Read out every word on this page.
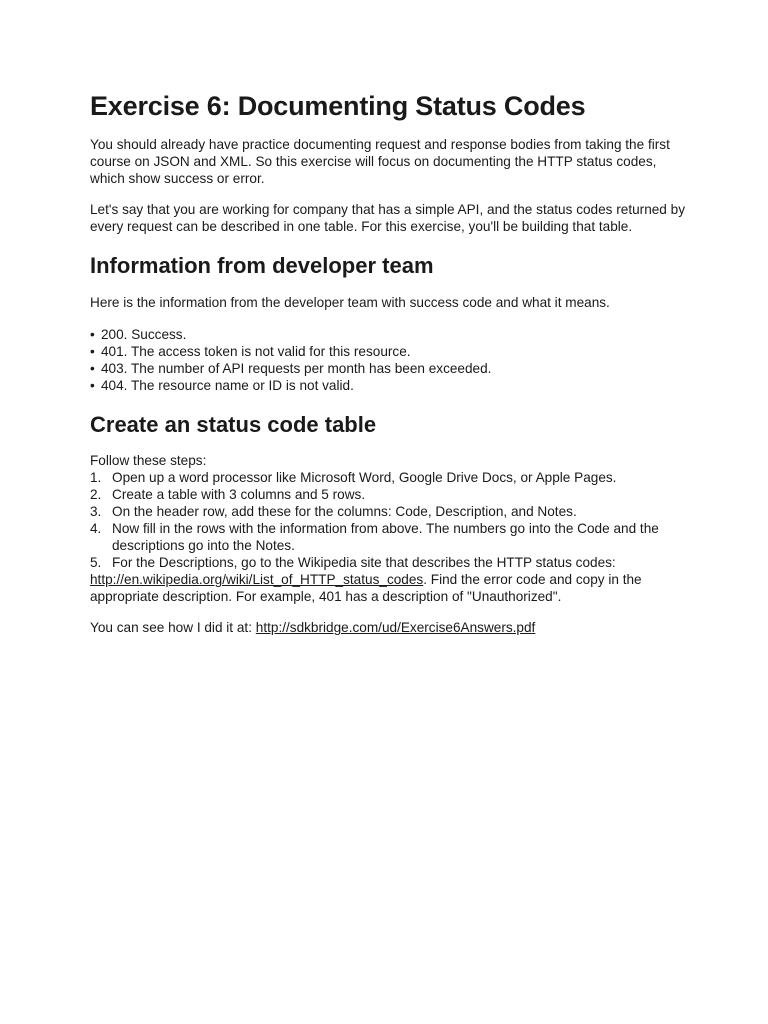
Exercise 6: Documenting Status Codes

You should already have practice documenting request and response bodies from taking the first course on JSON and XML. So this exercise will focus on documenting the HTTP status codes, which show success or error.

Let's say that you are working for company that has a simple API, and the status codes returned by every request can be described in one table. For this exercise, you'll be building that table.

Information from developer team

Here is the information from the developer team with success code and what it means.

• 200. Success.
• 401. The access token is not valid for this resource.
• 403. The number of API requests per month has been exceeded.
• 404. The resource name or ID is not valid.
Create an status code table

Follow these steps:

1. Open up a word processor like Microsoft Word, Google Drive Docs, or Apple Pages.
2. Create a table with 3 columns and 5 rows.
3. On the header row, add these for the columns: Code, Description, and Notes.
4. Now fill in the rows with the information from above. The numbers go into the Code and the descriptions go into the Notes.
5. For the Descriptions, go to the Wikipedia site that describes the HTTP status codes:
http://en.wikipedia.org/wiki/List_of_HTTP_status_codes. Find the error code and copy in the appropriate description. For example, 401 has a description of "Unauthorized".

You can see how I did it at: http://sdkbridge.com/ud/Exercise6Answers.pdf
